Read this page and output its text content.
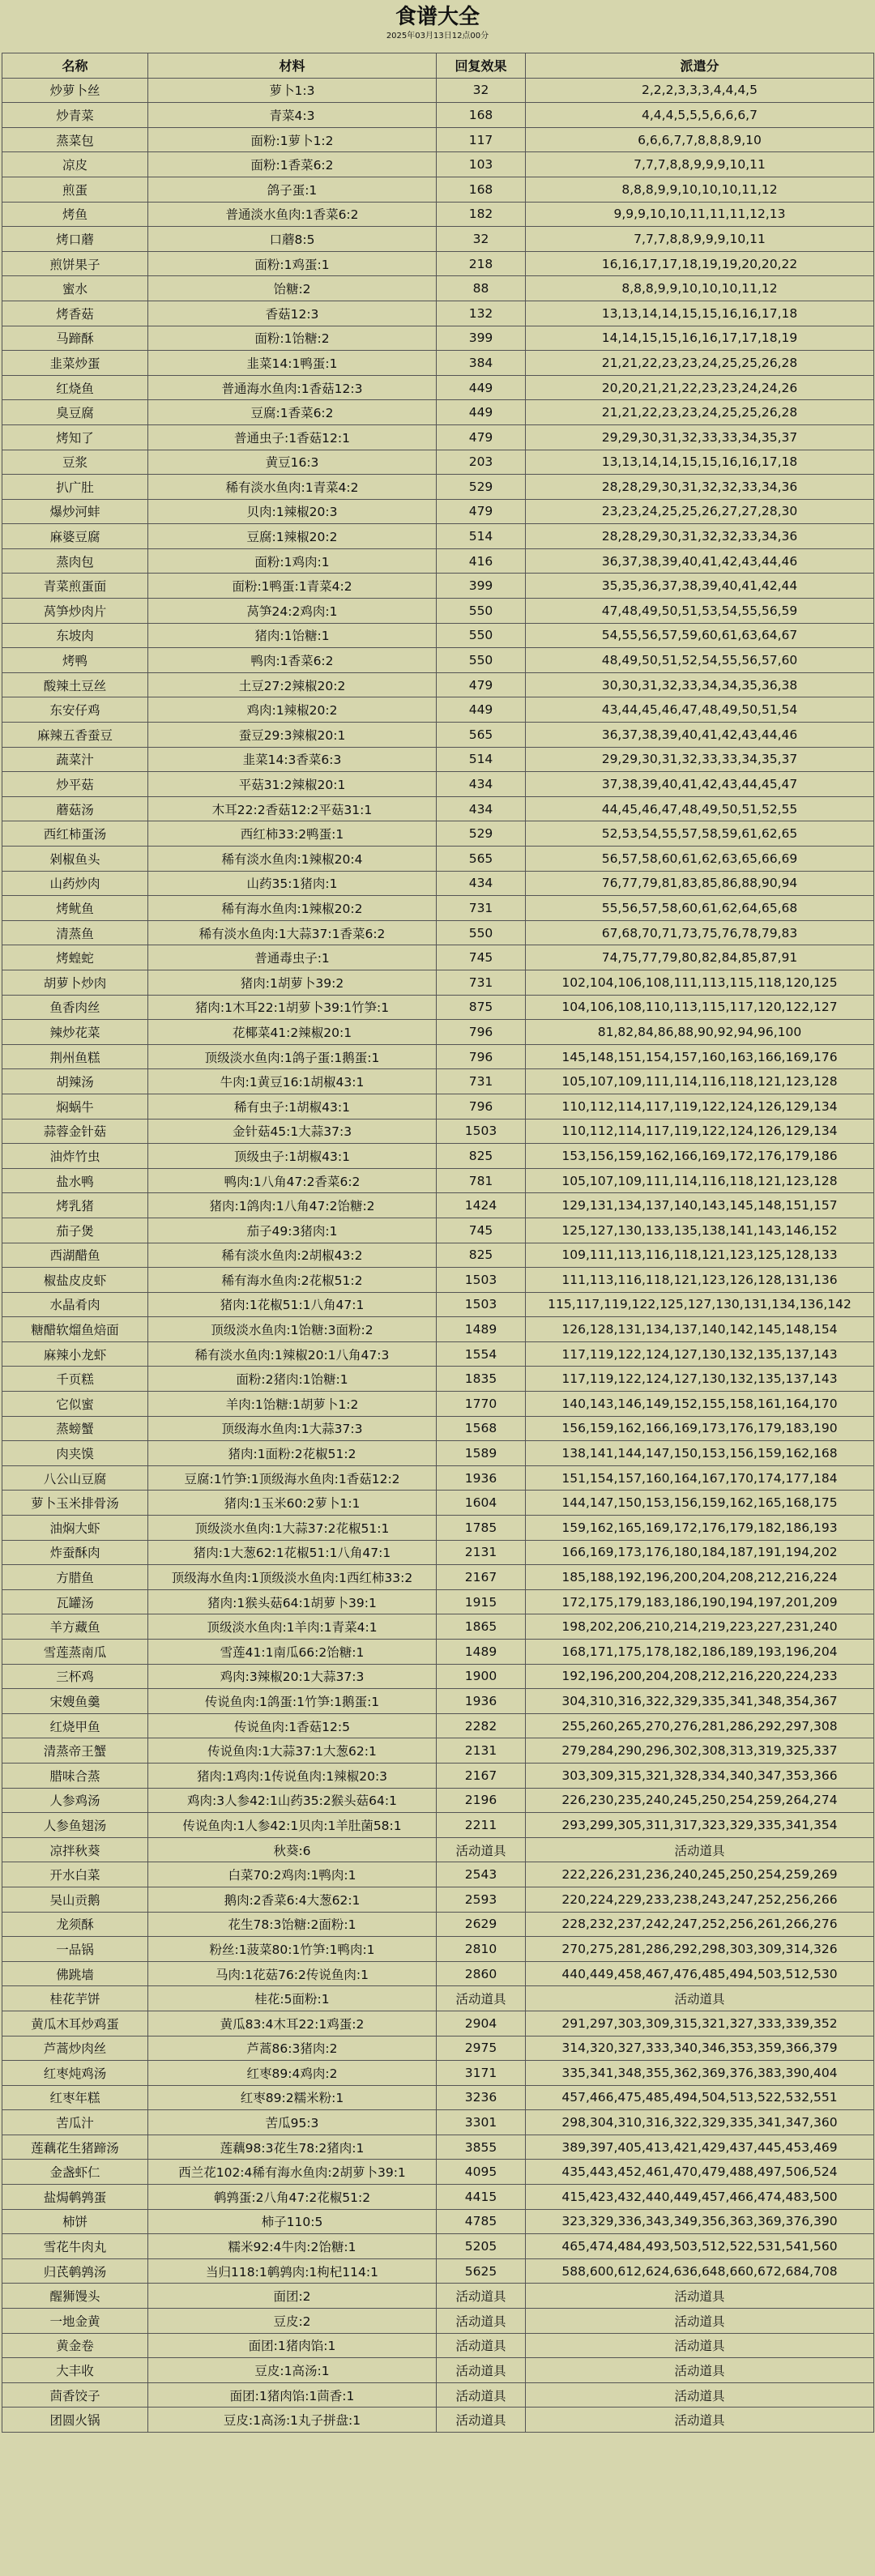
食谱大全
2025年03月13日12点00分
名称	材料	回复效果	派遣分
炒萝卜丝	萝卜1:3	32	2,2,2,3,3,3,4,4,4,5
炒青菜	青菜4:3	168	4,4,4,5,5,5,6,6,6,7
蒸菜包	面粉:1萝卜1:2	117	6,6,6,7,7,8,8,8,9,10
凉皮	面粉:1香菜6:2	103	7,7,7,8,8,9,9,9,10,11
煎蛋	鸽子蛋:1	168	8,8,8,9,9,10,10,10,11,12
烤鱼	普通淡水鱼肉:1香菜6:2	182	9,9,9,10,10,11,11,11,12,13
烤口蘑	口蘑8:5	32	7,7,7,8,8,9,9,9,10,11
煎饼果子	面粉:1鸡蛋:1	218	16,16,17,17,18,19,19,20,20,22
蜜水	饴糖:2	88	8,8,8,9,9,10,10,10,11,12
烤香菇	香菇12:3	132	13,13,14,14,15,15,16,16,17,18
马蹄酥	面粉:1饴糖:2	399	14,14,15,15,16,16,17,17,18,19
韭菜炒蛋	韭菜14:1鸭蛋:1	384	21,21,22,23,23,24,25,25,26,28
红烧鱼	普通海水鱼肉:1香菇12:3	449	20,20,21,21,22,23,23,24,24,26
臭豆腐	豆腐:1香菜6:2	449	21,21,22,23,23,24,25,25,26,28
烤知了	普通虫子:1香菇12:1	479	29,29,30,31,32,33,33,34,35,37
豆浆	黄豆16:3	203	13,13,14,14,15,15,16,16,17,18
扒广肚	稀有淡水鱼肉:1青菜4:2	529	28,28,29,30,31,32,32,33,34,36
爆炒河蚌	贝肉:1辣椒20:3	479	23,23,24,25,25,26,27,27,28,30
麻婆豆腐	豆腐:1辣椒20:2	514	28,28,29,30,31,32,32,33,34,36
蒸肉包	面粉:1鸡肉:1	416	36,37,38,39,40,41,42,43,44,46
青菜煎蛋面	面粉:1鸭蛋:1青菜4:2	399	35,35,36,37,38,39,40,41,42,44
莴笋炒肉片	莴笋24:2鸡肉:1	550	47,48,49,50,51,53,54,55,56,59
东坡肉	猪肉:1饴糖:1	550	54,55,56,57,59,60,61,63,64,67
烤鸭	鸭肉:1香菜6:2	550	48,49,50,51,52,54,55,56,57,60
酸辣土豆丝	土豆27:2辣椒20:2	479	30,30,31,32,33,34,34,35,36,38
东安仔鸡	鸡肉:1辣椒20:2	449	43,44,45,46,47,48,49,50,51,54
麻辣五香蚕豆	蚕豆29:3辣椒20:1	565	36,37,38,39,40,41,42,43,44,46
蔬菜汁	韭菜14:3香菜6:3	514	29,29,30,31,32,33,33,34,35,37
炒平菇	平菇31:2辣椒20:1	434	37,38,39,40,41,42,43,44,45,47
蘑菇汤	木耳22:2香菇12:2平菇31:1	434	44,45,46,47,48,49,50,51,52,55
西红柿蛋汤	西红柿33:2鸭蛋:1	529	52,53,54,55,57,58,59,61,62,65
剁椒鱼头	稀有淡水鱼肉:1辣椒20:4	565	56,57,58,60,61,62,63,65,66,69
山药炒肉	山药35:1猪肉:1	434	76,77,79,81,83,85,86,88,90,94
烤鱿鱼	稀有海水鱼肉:1辣椒20:2	731	55,56,57,58,60,61,62,64,65,68
清蒸鱼	稀有淡水鱼肉:1大蒜37:1香菜6:2	550	67,68,70,71,73,75,76,78,79,83
烤蝗蛇	普通毒虫子:1	745	74,75,77,79,80,82,84,85,87,91
胡萝卜炒肉	猪肉:1胡萝卜39:2	731	102,104,106,108,111,113,115,118,120,125
鱼香肉丝	猪肉:1木耳22:1胡萝卜39:1竹笋:1	875	104,106,108,110,113,115,117,120,122,127
辣炒花菜	花椰菜41:2辣椒20:1	796	81,82,84,86,88,90,92,94,96,100
荆州鱼糕	顶级淡水鱼肉:1鸽子蛋:1鹅蛋:1	796	145,148,151,154,157,160,163,166,169,176
胡辣汤	牛肉:1黄豆16:1胡椒43:1	731	105,107,109,111,114,116,118,121,123,128
焖蜗牛	稀有虫子:1胡椒43:1	796	110,112,114,117,119,122,124,126,129,134
蒜蓉金针菇	金针菇45:1大蒜37:3	1503	110,112,114,117,119,122,124,126,129,134
油炸竹虫	顶级虫子:1胡椒43:1	825	153,156,159,162,166,169,172,176,179,186
盐水鸭	鸭肉:1八角47:2香菜6:2	781	105,107,109,111,114,116,118,121,123,128
烤乳猪	猪肉:1鸽肉:1八角47:2饴糖:2	1424	129,131,134,137,140,143,145,148,151,157
茄子煲	茄子49:3猪肉:1	745	125,127,130,133,135,138,141,143,146,152
西湖醋鱼	稀有淡水鱼肉:2胡椒43:2	825	109,111,113,116,118,121,123,125,128,133
椒盐皮皮虾	稀有海水鱼肉:2花椒51:2	1503	111,113,116,118,121,123,126,128,131,136
水晶肴肉	猪肉:1花椒51:1八角47:1	1503	115,117,119,122,125,127,130,131,134,136,142
糖醋软熘鱼焙面	顶级淡水鱼肉:1饴糖:3面粉:2	1489	126,128,131,134,137,140,142,145,148,154
麻辣小龙虾	稀有淡水鱼肉:1辣椒20:1八角47:3	1554	117,119,122,124,127,130,132,135,137,143
千页糕	面粉:2猪肉:1饴糖:1	1835	117,119,122,124,127,130,132,135,137,143
它似蜜	羊肉:1饴糖:1胡萝卜1:2	1770	140,143,146,149,152,155,158,161,164,170
蒸螃蟹	顶级海水鱼肉:1大蒜37:3	1568	156,159,162,166,169,173,176,179,183,190
肉夹馍	猪肉:1面粉:2花椒51:2	1589	138,141,144,147,150,153,156,159,162,168
八公山豆腐	豆腐:1竹笋:1顶级海水鱼肉:1香菇12:2	1936	151,154,157,160,164,167,170,174,177,184
萝卜玉米排骨汤	猪肉:1玉米60:2萝卜1:1	1604	144,147,150,153,156,159,162,165,168,175
油焖大虾	顶级淡水鱼肉:1大蒜37:2花椒51:1	1785	159,162,165,169,172,176,179,182,186,193
炸蚕酥肉	猪肉:1大葱62:1花椒51:1八角47:1	2131	166,169,173,176,180,184,187,191,194,202
方腊鱼	顶级海水鱼肉:1顶级淡水鱼肉:1西红柿33:2	2167	185,188,192,196,200,204,208,212,216,224
瓦罐汤	猪肉:1猴头菇64:1胡萝卜39:1	1915	172,175,179,183,186,190,194,197,201,209
羊方藏鱼	顶级淡水鱼肉:1羊肉:1青菜4:1	1865	198,202,206,210,214,219,223,227,231,240
雪莲蒸南瓜	雪莲41:1南瓜66:2饴糖:1	1489	168,171,175,178,182,186,189,193,196,204
三杯鸡	鸡肉:3辣椒20:1大蒜37:3	1900	192,196,200,204,208,212,216,220,224,233
宋嫂鱼羹	传说鱼肉:1鸽蛋:1竹笋:1鹅蛋:1	1936	304,310,316,322,329,335,341,348,354,367
红烧甲鱼	传说鱼肉:1香菇12:5	2282	255,260,265,270,276,281,286,292,297,308
清蒸帝王蟹	传说鱼肉:1大蒜37:1大葱62:1	2131	279,284,290,296,302,308,313,319,325,337
腊味合蒸	猪肉:1鸡肉:1传说鱼肉:1辣椒20:3	2167	303,309,315,321,328,334,340,347,353,366
人参鸡汤	鸡肉:3人参42:1山药35:2猴头菇64:1	2196	226,230,235,240,245,250,254,259,264,274
人参鱼翅汤	传说鱼肉:1人参42:1贝肉:1羊肚菌58:1	2211	293,299,305,311,317,323,329,335,341,354
凉拌秋葵	秋葵:6	活动道具	活动道具
开水白菜	白菜70:2鸡肉:1鸭肉:1	2543	222,226,231,236,240,245,250,254,259,269
吴山贡鹅	鹅肉:2香菜6:4大葱62:1	2593	220,224,229,233,238,243,247,252,256,266
龙须酥	花生78:3饴糖:2面粉:1	2629	228,232,237,242,247,252,256,261,266,276
一品锅	粉丝:1菠菜80:1竹笋:1鸭肉:1	2810	270,275,281,286,292,298,303,309,314,326
佛跳墙	马肉:1花菇76:2传说鱼肉:1	2860	440,449,458,467,476,485,494,503,512,530
桂花芋饼	桂花:5面粉:1	活动道具	活动道具
黄瓜木耳炒鸡蛋	黄瓜83:4木耳22:1鸡蛋:2	2904	291,297,303,309,315,321,327,333,339,352
芦蒿炒肉丝	芦蒿86:3猪肉:2	2975	314,320,327,333,340,346,353,359,366,379
红枣炖鸡汤	红枣89:4鸡肉:2	3171	335,341,348,355,362,369,376,383,390,404
红枣年糕	红枣89:2糯米粉:1	3236	457,466,475,485,494,504,513,522,532,551
苦瓜汁	苦瓜95:3	3301	298,304,310,316,322,329,335,341,347,360
莲藕花生猪蹄汤	莲藕98:3花生78:2猪肉:1	3855	389,397,405,413,421,429,437,445,453,469
金盏虾仁	西兰花102:4稀有海水鱼肉:2胡萝卜39:1	4095	435,443,452,461,470,479,488,497,506,524
盐焗鹌鹑蛋	鹌鹑蛋:2八角47:2花椒51:2	4415	415,423,432,440,449,457,466,474,483,500
柿饼	柿子110:5	4785	323,329,336,343,349,356,363,369,376,390
雪花牛肉丸	糯米92:4牛肉:2饴糖:1	5205	465,474,484,493,503,512,522,531,541,560
归芪鹌鹑汤	当归118:1鹌鹑肉:1枸杞114:1	5625	588,600,612,624,636,648,660,672,684,708
醒狮馒头	面团:2	活动道具	活动道具
一地金黄	豆皮:2	活动道具	活动道具
黄金卷	面团:1猪肉馅:1	活动道具	活动道具
大丰收	豆皮:1高汤:1	活动道具	活动道具
茴香饺子	面团:1猪肉馅:1茴香:1	活动道具	活动道具
团圆火锅	豆皮:1高汤:1丸子拼盘:1	活动道具	活动道具
